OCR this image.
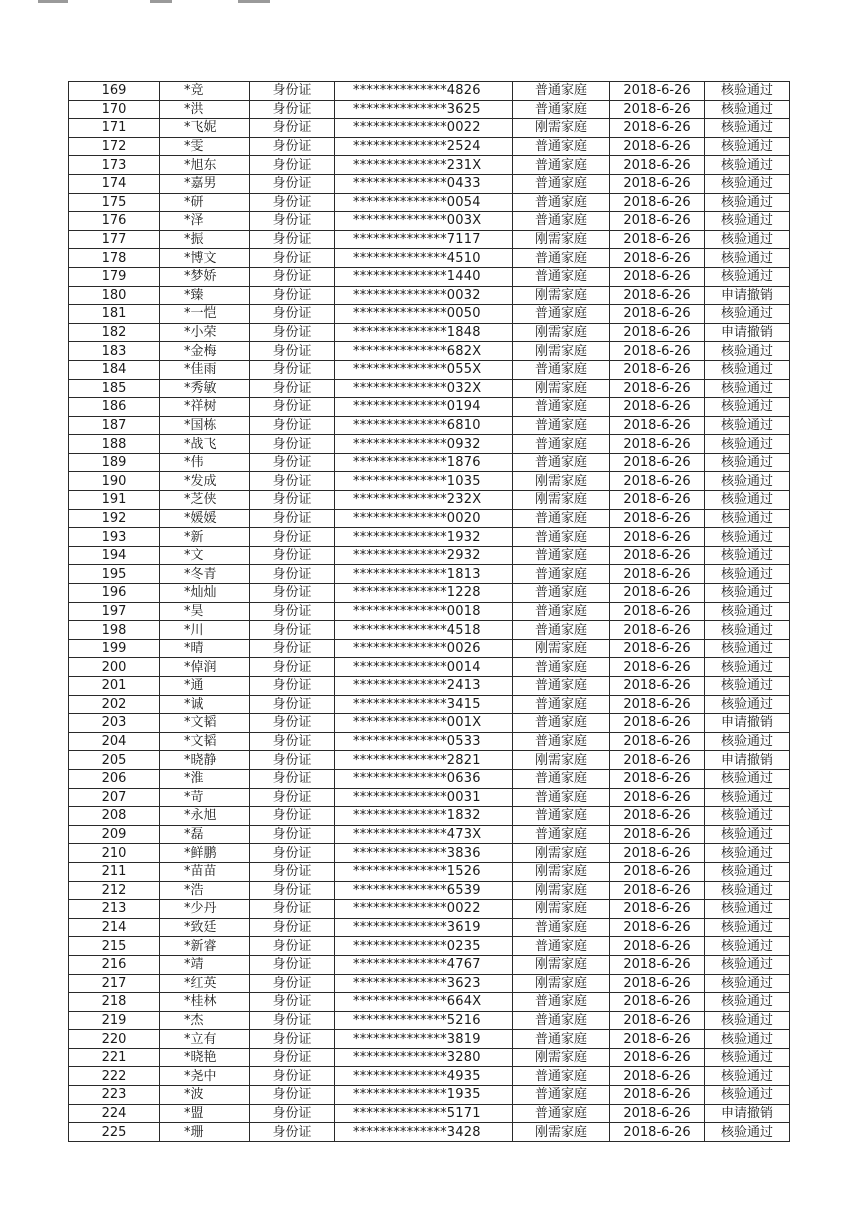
169	*竞	身份证	**************4826	普通家庭	2018-6-26	核验通过
170	*洪	身份证	**************3625	普通家庭	2018-6-26	核验通过
171	*飞妮	身份证	**************0022	刚需家庭	2018-6-26	核验通过
172	*雯	身份证	**************2524	普通家庭	2018-6-26	核验通过
173	*旭东	身份证	**************231X	普通家庭	2018-6-26	核验通过
174	*嘉男	身份证	**************0433	普通家庭	2018-6-26	核验通过
175	*研	身份证	**************0054	普通家庭	2018-6-26	核验通过
176	*泽	身份证	**************003X	普通家庭	2018-6-26	核验通过
177	*振	身份证	**************7117	刚需家庭	2018-6-26	核验通过
178	*博文	身份证	**************4510	普通家庭	2018-6-26	核验通过
179	*梦娇	身份证	**************1440	普通家庭	2018-6-26	核验通过
180	*臻	身份证	**************0032	刚需家庭	2018-6-26	申请撤销
181	*一恺	身份证	**************0050	普通家庭	2018-6-26	核验通过
182	*小荣	身份证	**************1848	刚需家庭	2018-6-26	申请撤销
183	*金梅	身份证	**************682X	刚需家庭	2018-6-26	核验通过
184	*佳雨	身份证	**************055X	普通家庭	2018-6-26	核验通过
185	*秀敏	身份证	**************032X	刚需家庭	2018-6-26	核验通过
186	*祥树	身份证	**************0194	普通家庭	2018-6-26	核验通过
187	*国栋	身份证	**************6810	普通家庭	2018-6-26	核验通过
188	*战飞	身份证	**************0932	普通家庭	2018-6-26	核验通过
189	*伟	身份证	**************1876	普通家庭	2018-6-26	核验通过
190	*发成	身份证	**************1035	刚需家庭	2018-6-26	核验通过
191	*芝侠	身份证	**************232X	刚需家庭	2018-6-26	核验通过
192	*媛媛	身份证	**************0020	普通家庭	2018-6-26	核验通过
193	*新	身份证	**************1932	普通家庭	2018-6-26	核验通过
194	*文	身份证	**************2932	普通家庭	2018-6-26	核验通过
195	*冬青	身份证	**************1813	普通家庭	2018-6-26	核验通过
196	*灿灿	身份证	**************1228	普通家庭	2018-6-26	核验通过
197	*昊	身份证	**************0018	普通家庭	2018-6-26	核验通过
198	*川	身份证	**************4518	普通家庭	2018-6-26	核验通过
199	*晴	身份证	**************0026	刚需家庭	2018-6-26	核验通过
200	*倬润	身份证	**************0014	普通家庭	2018-6-26	核验通过
201	*通	身份证	**************2413	普通家庭	2018-6-26	核验通过
202	*诚	身份证	**************3415	普通家庭	2018-6-26	核验通过
203	*文韬	身份证	**************001X	普通家庭	2018-6-26	申请撤销
204	*文韬	身份证	**************0533	普通家庭	2018-6-26	核验通过
205	*晓静	身份证	**************2821	刚需家庭	2018-6-26	申请撤销
206	*淮	身份证	**************0636	普通家庭	2018-6-26	核验通过
207	*苛	身份证	**************0031	普通家庭	2018-6-26	核验通过
208	*永旭	身份证	**************1832	普通家庭	2018-6-26	核验通过
209	*磊	身份证	**************473X	普通家庭	2018-6-26	核验通过
210	*鲜鹏	身份证	**************3836	刚需家庭	2018-6-26	核验通过
211	*苗苗	身份证	**************1526	刚需家庭	2018-6-26	核验通过
212	*浩	身份证	**************6539	刚需家庭	2018-6-26	核验通过
213	*少丹	身份证	**************0022	刚需家庭	2018-6-26	核验通过
214	*致廷	身份证	**************3619	普通家庭	2018-6-26	核验通过
215	*新睿	身份证	**************0235	普通家庭	2018-6-26	核验通过
216	*靖	身份证	**************4767	刚需家庭	2018-6-26	核验通过
217	*红英	身份证	**************3623	刚需家庭	2018-6-26	核验通过
218	*桂林	身份证	**************664X	普通家庭	2018-6-26	核验通过
219	*杰	身份证	**************5216	普通家庭	2018-6-26	核验通过
220	*立有	身份证	**************3819	普通家庭	2018-6-26	核验通过
221	*晓艳	身份证	**************3280	刚需家庭	2018-6-26	核验通过
222	*尧中	身份证	**************4935	普通家庭	2018-6-26	核验通过
223	*波	身份证	**************1935	普通家庭	2018-6-26	核验通过
224	*盟	身份证	**************5171	普通家庭	2018-6-26	申请撤销
225	*珊	身份证	**************3428	刚需家庭	2018-6-26	核验通过
